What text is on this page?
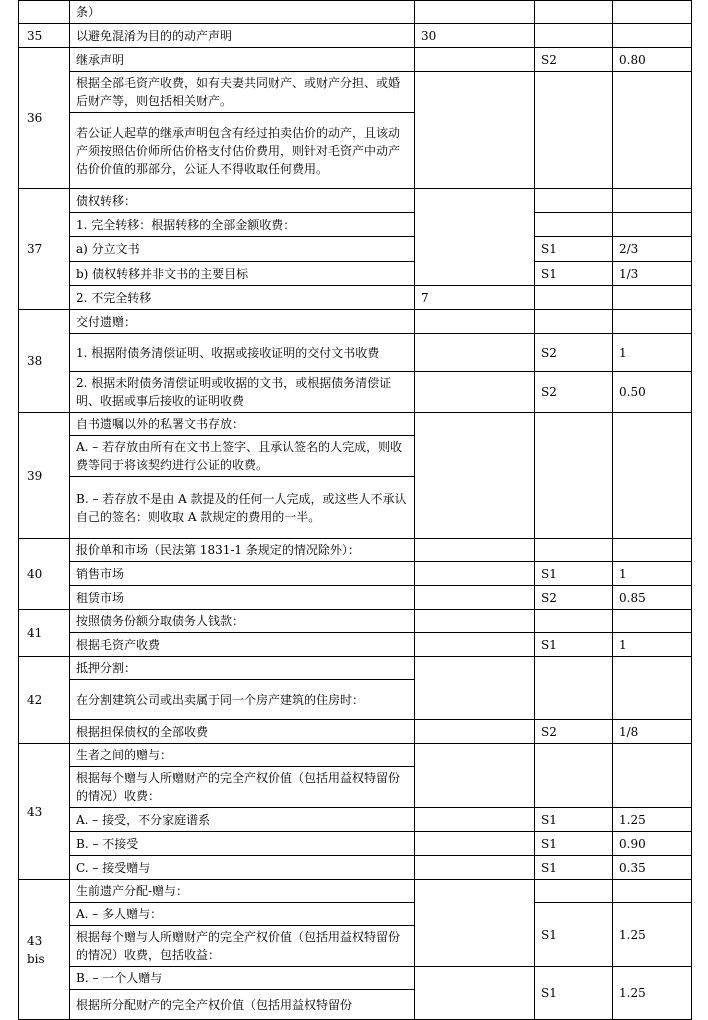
	条）			
35	以避免混淆为目的的动产声明	30		
36	继承声明		S2	0.80
	根据全部毛资产收费，如有夫妻共同财产、或财产分担、或婚后财产等，则包括相关财产。			
	若公证人起草的继承声明包含有经过拍卖估价的动产，且该动产须按照估价师所估价格支付估价费用，则针对毛资产中动产估价价值的那部分，公证人不得收取任何费用。			
37	债权转移：			
	1. 完全转移：根据转移的全部金额收费：			
	a) 分立文书		S1	2/3
	b) 债权转移并非文书的主要目标		S1	1/3
	2. 不完全转移	7		
38	交付遗赠：			
	1. 根据附债务清偿证明、收据或接收证明的交付文书收费		S2	1
	2. 根据未附债务清偿证明或收据的文书，或根据债务清偿证明、收据或事后接收的证明收费		S2	0.50
39	自书遗嘱以外的私署文书存放：			
	A. – 若存放由所有在文书上签字、且承认签名的人完成，则收费等同于将该契约进行公证的收费。			
	B. – 若存放不是由 A 款提及的任何一人完成，或这些人不承认自己的签名：则收取 A 款规定的费用的一半。			
40	报价单和市场（民法第 1831-1 条规定的情况除外）：			
	销售市场		S1	1
	租赁市场		S2	0.85
41	按照债务份额分取债务人钱款：			
	根据毛资产收费		S1	1
42	抵押分割：			
	在分割建筑公司或出卖属于同一个房产建筑的住房时：			
	根据担保债权的全部收费		S2	1/8
43	生者之间的赠与：			
	根据每个赠与人所赠财产的完全产权价值（包括用益权特留份的情况）收费：			
	A. – 接受，不分家庭谱系		S1	1.25
	B. – 不接受		S1	0.90
	C. – 接受赠与		S1	0.35
43 bis	生前遗产分配-赠与：			
	A. – 多人赠与：		S1	1.25
	根据每个赠与人所赠财产的完全产权价值（包括用益权特留份的情况）收费，包括收益：			
	B. – 一个人赠与		S1	1.25
	根据所分配财产的完全产权价值（包括用益权特留份			
